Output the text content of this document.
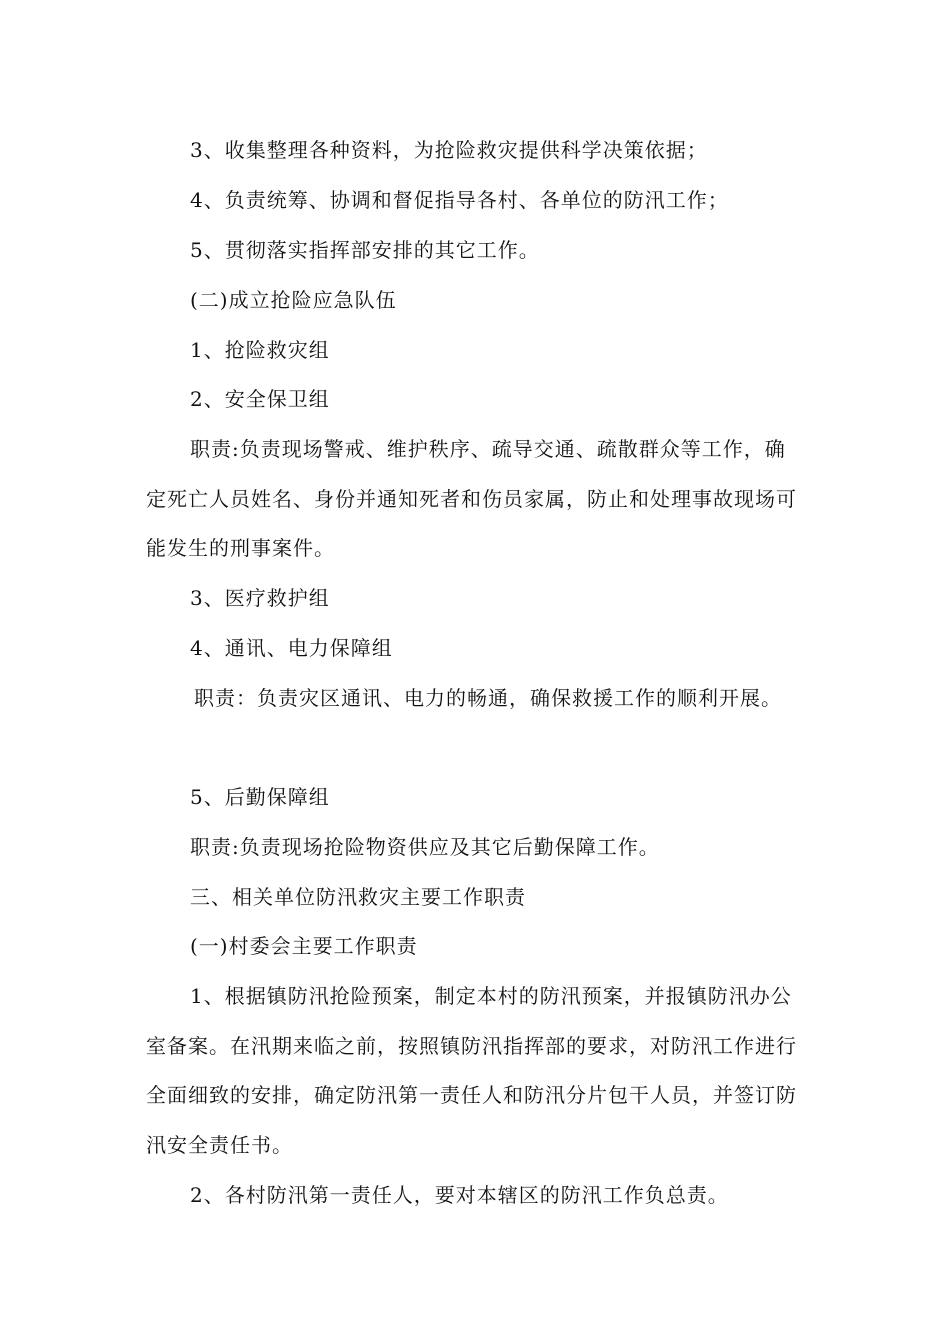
3、收集整理各种资料，为抢险救灾提供科学决策依据；

4、负责统筹、协调和督促指导各村、各单位的防汛工作；

5、贯彻落实指挥部安排的其它工作。

(二)成立抢险应急队伍

1、抢险救灾组

2、安全保卫组

职责:负责现场警戒、维护秩序、疏导交通、疏散群众等工作，确定死亡人员姓名、身份并通知死者和伤员家属，防止和处理事故现场可能发生的刑事案件。

3、医疗救护组

4、通讯、电力保障组

职责：负责灾区通讯、电力的畅通，确保救援工作的顺利开展。

5、后勤保障组

职责:负责现场抢险物资供应及其它后勤保障工作。

三、相关单位防汛救灾主要工作职责

(一)村委会主要工作职责

1、根据镇防汛抢险预案，制定本村的防汛预案，并报镇防汛办公室备案。在汛期来临之前，按照镇防汛指挥部的要求，对防汛工作进行全面细致的安排，确定防汛第一责任人和防汛分片包干人员，并签订防汛安全责任书。

2、各村防汛第一责任人，要对本辖区的防汛工作负总责。
